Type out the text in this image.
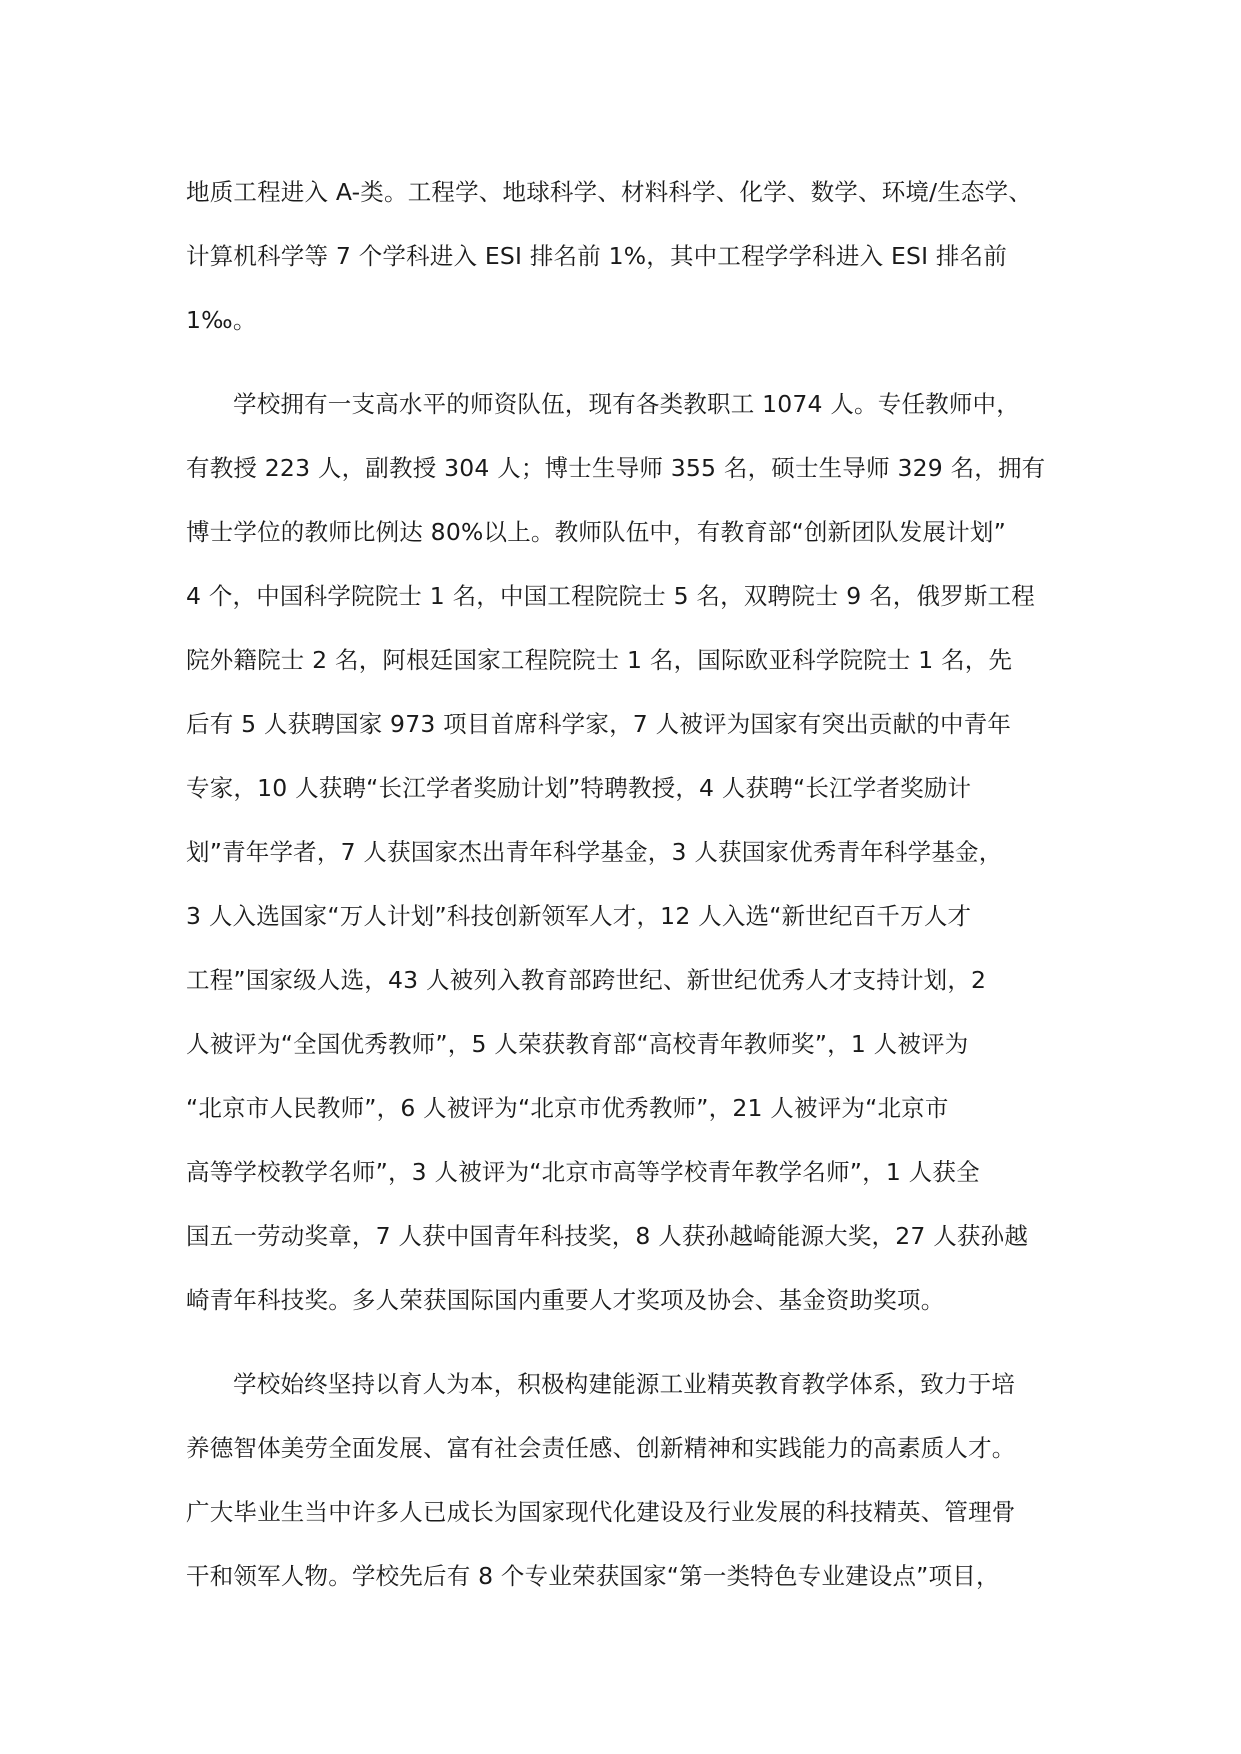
地质工程进入 A-类。工程学、地球科学、材料科学、化学、数学、环境/生态学、
计算机科学等 7 个学科进入 ESI 排名前 1%，其中工程学学科进入 ESI 排名前
1‰。
学校拥有一支高水平的师资队伍，现有各类教职工 1074 人。专任教师中，
有教授 223 人，副教授 304 人；博士生导师 355 名，硕士生导师 329 名，拥有
博士学位的教师比例达 80%以上。教师队伍中，有教育部“创新团队发展计划”
4 个，中国科学院院士 1 名，中国工程院院士 5 名，双聘院士 9 名，俄罗斯工程
院外籍院士 2 名，阿根廷国家工程院院士 1 名，国际欧亚科学院院士 1 名，先
后有 5 人获聘国家 973 项目首席科学家，7 人被评为国家有突出贡献的中青年
专家，10 人获聘“长江学者奖励计划”特聘教授，4 人获聘“长江学者奖励计
划”青年学者，7 人获国家杰出青年科学基金，3 人获国家优秀青年科学基金，
3 人入选国家“万人计划”科技创新领军人才，12 人入选“新世纪百千万人才
工程”国家级人选，43 人被列入教育部跨世纪、新世纪优秀人才支持计划，2
人被评为“全国优秀教师”，5 人荣获教育部“高校青年教师奖”，1 人被评为
“北京市人民教师”，6 人被评为“北京市优秀教师”，21 人被评为“北京市
高等学校教学名师”，3 人被评为“北京市高等学校青年教学名师”，1 人获全
国五一劳动奖章，7 人获中国青年科技奖，8 人获孙越崎能源大奖，27 人获孙越
崎青年科技奖。多人荣获国际国内重要人才奖项及协会、基金资助奖项。
学校始终坚持以育人为本，积极构建能源工业精英教育教学体系，致力于培
养德智体美劳全面发展、富有社会责任感、创新精神和实践能力的高素质人才。
广大毕业生当中许多人已成长为国家现代化建设及行业发展的科技精英、管理骨
干和领军人物。学校先后有 8 个专业荣获国家“第一类特色专业建设点”项目，
